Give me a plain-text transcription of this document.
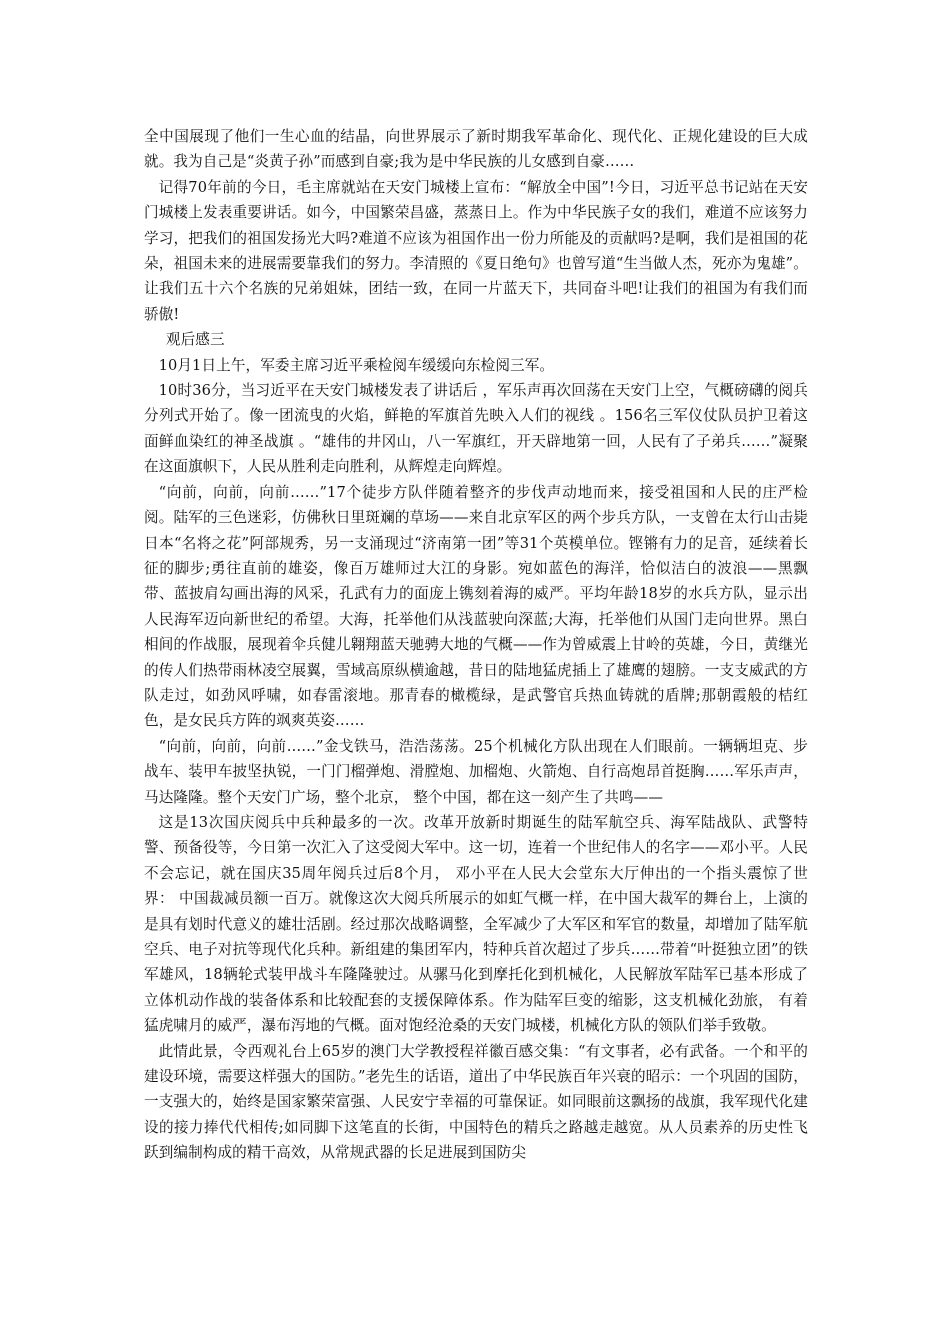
全中国展现了他们一生心血的结晶，向世界展示了新时期我军革命化、现代化、正规化建设的巨大成就。我为自己是“炎黄子孙”而感到自豪;我为是中华民族的儿女感到自豪……

记得70年前的今日，毛主席就站在天安门城楼上宣布：“解放全中国”!今日，习近平总书记站在天安门城楼上发表重要讲话。如今，中国繁荣昌盛，蒸蒸日上。作为中华民族子女的我们，难道不应该努力学习，把我们的祖国发扬光大吗?难道不应该为祖国作出一份力所能及的贡献吗?是啊，我们是祖国的花朵，祖国未来的进展需要靠我们的努力。李清照的《夏日绝句》也曾写道“生当做人杰，死亦为鬼雄”。让我们五十六个名族的兄弟姐妹，团结一致，在同一片蓝天下，共同奋斗吧!让我们的祖国为有我们而骄傲!

观后感三

10月1日上午，军委主席习近平乘检阅车缓缓向东检阅三军。

10时36分，当习近平在天安门城楼发表了讲话后 ，军乐声再次回荡在天安门上空，气概磅礴的阅兵分列式开始了。像一团流曳的火焰，鲜艳的军旗首先映入人们的视线 。156名三军仪仗队员护卫着这面鲜血染红的神圣战旗 。“雄伟的井冈山，八一军旗红，开天辟地第一回，人民有了子弟兵……”凝聚在这面旗帜下，人民从胜利走向胜利，从辉煌走向辉煌。

“向前，向前，向前……”17个徒步方队伴随着整齐的步伐声动地而来，接受祖国和人民的庄严检阅。陆军的三色迷彩，仿佛秋日里斑斓的草场——来自北京军区的两个步兵方队，一支曾在太行山击毙日本“名将之花”阿部规秀，另一支涌现过“济南第一团”等31个英模单位。铿锵有力的足音，延续着长征的脚步;勇往直前的雄姿，像百万雄师过大江的身影。宛如蓝色的海洋，恰似洁白的波浪——黑飘带、蓝披肩勾画出海的风采，孔武有力的面庞上镌刻着海的威严。平均年龄18岁的水兵方队，显示出人民海军迈向新世纪的希望。大海，托举他们从浅蓝驶向深蓝;大海，托举他们从国门走向世界。黑白相间的作战服，展现着伞兵健儿翱翔蓝天驰骋大地的气概——作为曾威震上甘岭的英雄，今日，黄继光的传人们热带雨林凌空展翼，雪域高原纵横逾越，昔日的陆地猛虎插上了雄鹰的翅膀。一支支威武的方队走过，如劲风呼啸，如春雷滚地。那青春的橄榄绿，是武警官兵热血铸就的盾牌;那朝霞般的桔红色，是女民兵方阵的飒爽英姿……

“向前，向前，向前……”金戈铁马，浩浩荡荡。25个机械化方队出现在人们眼前。一辆辆坦克、步战车、装甲车披坚执锐，一门门榴弹炮、滑膛炮、加榴炮、火箭炮、自行高炮昂首挺胸……军乐声声，马达隆隆。整个天安门广场，整个北京， 整个中国，都在这一刻产生了共鸣——

这是13次国庆阅兵中兵种最多的一次。改革开放新时期诞生的陆军航空兵、海军陆战队、武警特警、预备役等，今日第一次汇入了这受阅大军中。这一切，连着一个世纪伟人的名字——邓小平。人民不会忘记，就在国庆35周年阅兵过后8个月， 邓小平在人民大会堂东大厅伸出的一个指头震惊了世界： 中国裁减员额一百万。就像这次大阅兵所展示的如虹气概一样，在中国大裁军的舞台上，上演的是具有划时代意义的雄壮活剧。经过那次战略调整，全军减少了大军区和军官的数量，却增加了陆军航空兵、电子对抗等现代化兵种。新组建的集团军内，特种兵首次超过了步兵……带着“叶挺独立团”的铁军雄风，18辆轮式装甲战斗车隆隆驶过。从骡马化到摩托化到机械化，人民解放军陆军已基本形成了立体机动作战的装备体系和比较配套的支援保障体系。作为陆军巨变的缩影，这支机械化劲旅， 有着猛虎啸月的威严，瀑布泻地的气概。面对饱经沧桑的天安门城楼，机械化方队的领队们举手致敬。

此情此景，令西观礼台上65岁的澳门大学教授程祥徽百感交集：“有文事者，必有武备。一个和平的建设环境，需要这样强大的国防。”老先生的话语，道出了中华民族百年兴衰的昭示：一个巩固的国防，一支强大的，始终是国家繁荣富强、人民安宁幸福的可靠保证。如同眼前这飘扬的战旗，我军现代化建设的接力捧代代相传;如同脚下这笔直的长街，中国特色的精兵之路越走越宽。从人员素养的历史性飞跃到编制构成的精干高效，从常规武器的长足进展到国防尖
